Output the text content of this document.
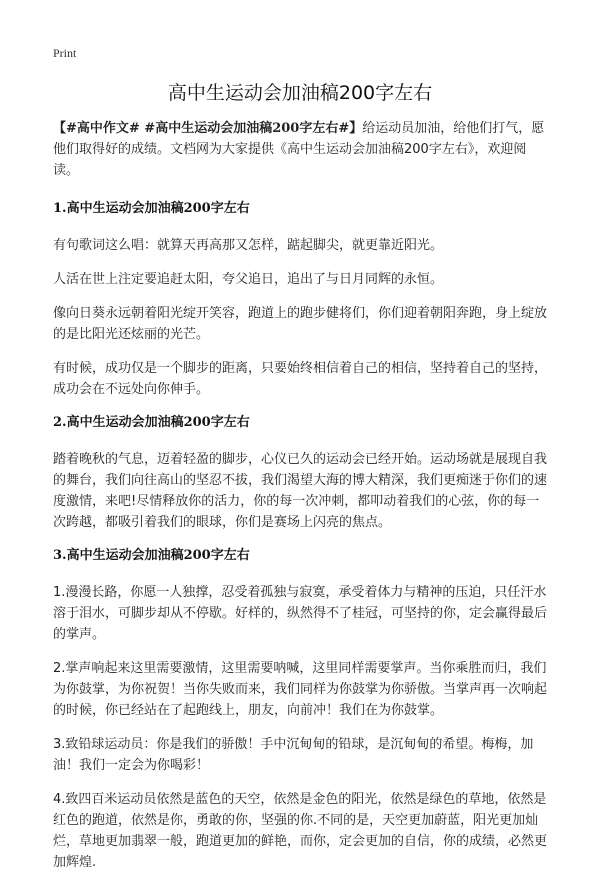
Print
高中生运动会加油稿200字左右

【#高中作文# #高中生运动会加油稿200字左右#】给运动员加油，给他们打气，愿他们取得好的成绩。文档网为大家提供《高中生运动会加油稿200字左右》，欢迎阅读。

1.高中生运动会加油稿200字左右

有句歌词这么唱：就算天再高那又怎样，踮起脚尖，就更靠近阳光。

人活在世上注定要追赶太阳，夸父追日，追出了与日月同辉的永恒。

像向日葵永远朝着阳光绽开笑容，跑道上的跑步健将们，你们迎着朝阳奔跑，身上绽放的是比阳光还炫丽的光芒。

有时候，成功仅是一个脚步的距离，只要始终相信着自己的相信，坚持着自己的坚持，成功会在不远处向你伸手。

2.高中生运动会加油稿200字左右

踏着晚秋的气息，迈着轻盈的脚步，心仪已久的运动会已经开始。运动场就是展现自我的舞台，我们向往高山的坚忍不拔，我们渴望大海的博大精深，我们更痴迷于你们的速度激情，来吧!尽情释放你的活力，你的每一次冲刺，都叩动着我们的心弦，你的每一次跨越，都吸引着我们的眼球，你们是赛场上闪亮的焦点。

3.高中生运动会加油稿200字左右

1.漫漫长路，你愿一人独撑，忍受着孤独与寂寞，承受着体力与精神的压迫，只任汗水溶于泪水，可脚步却从不停歇。好样的，纵然得不了桂冠，可坚持的你，定会赢得最后的掌声。

2.掌声响起来这里需要激情，这里需要呐喊，这里同样需要掌声。当你乘胜而归，我们为你鼓掌，为你祝贺！当你失败而来，我们同样为你鼓掌为你骄傲。当掌声再一次响起的时候，你已经站在了起跑线上，朋友，向前冲！我们在为你鼓掌。

3.致铅球运动员：你是我们的骄傲！手中沉甸甸的铅球，是沉甸甸的希望。梅梅，加油！我们一定会为你喝彩！

4.致四百米运动员依然是蓝色的天空，依然是金色的阳光，依然是绿色的草地，依然是红色的跑道，依然是你，勇敢的你，坚强的你.不同的是，天空更加蔚蓝，阳光更加灿烂，草地更加翡翠一般，跑道更加的鲜艳，而你，定会更加的自信，你的成绩，必然更加辉煌.
